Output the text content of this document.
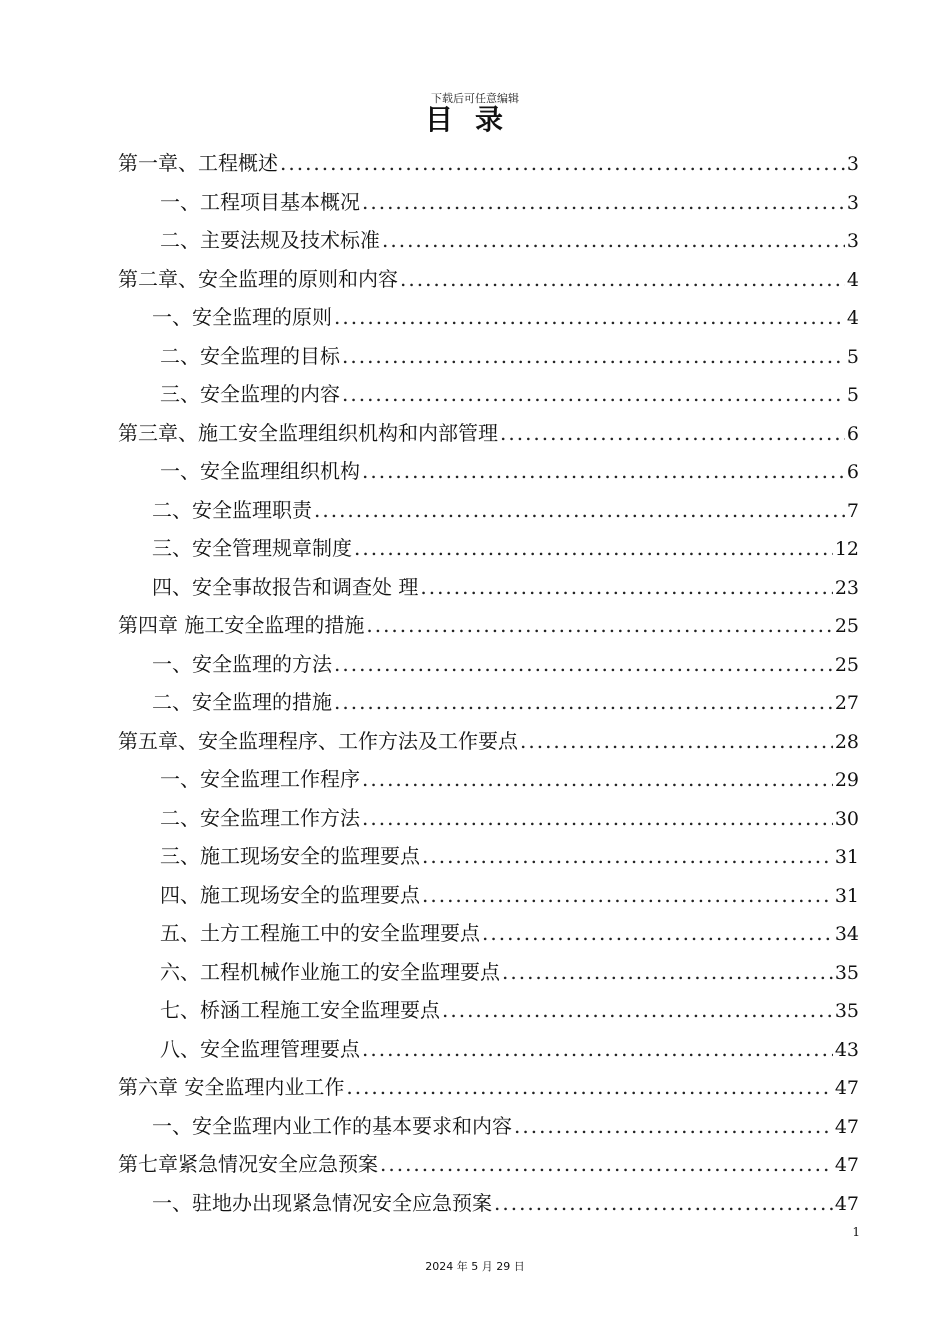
下载后可任意编辑
目录
第一章、工程概述 .....	3
一、工程项目基本概况 .....	3
二、主要法规及技术标准 .....	3
第二章、安全监理的原则和内容 .....	4
一、安全监理的原则 .....	4
二、安全监理的目标 .....	5
三、安全监理的内容 .....	5
第三章、施工安全监理组织机构和内部管理 .....	6
一、安全监理组织机构 .....	6
二、安全监理职责 .....	7
三、安全管理规章制度 .....	12
四、安全事故报告和调查处 理 .....	23
第四章 施工安全监理的措施 .....	25
一、安全监理的方法 .....	25
二、安全监理的措施 .....	27
第五章、安全监理程序、工作方法及工作要点 .....	28
一、安全监理工作程序 .....	29
二、安全监理工作方法 .....	30
三、施工现场安全的监理要点 .....	31
四、施工现场安全的监理要点 .....	31
五、土方工程施工中的安全监理要点 .....	34
六、工程机械作业施工的安全监理要点 .....	35
七、桥涵工程施工安全监理要点 .....	35
八、安全监理管理要点 .....	43
第六章 安全监理内业工作 .....	47
一、安全监理内业工作的基本要求和内容 .....	47
第七章紧急情况安全应急预案 .....	47
一、驻地办出现紧急情况安全应急预案 .....	47
1
2024 年 5 月 29 日
